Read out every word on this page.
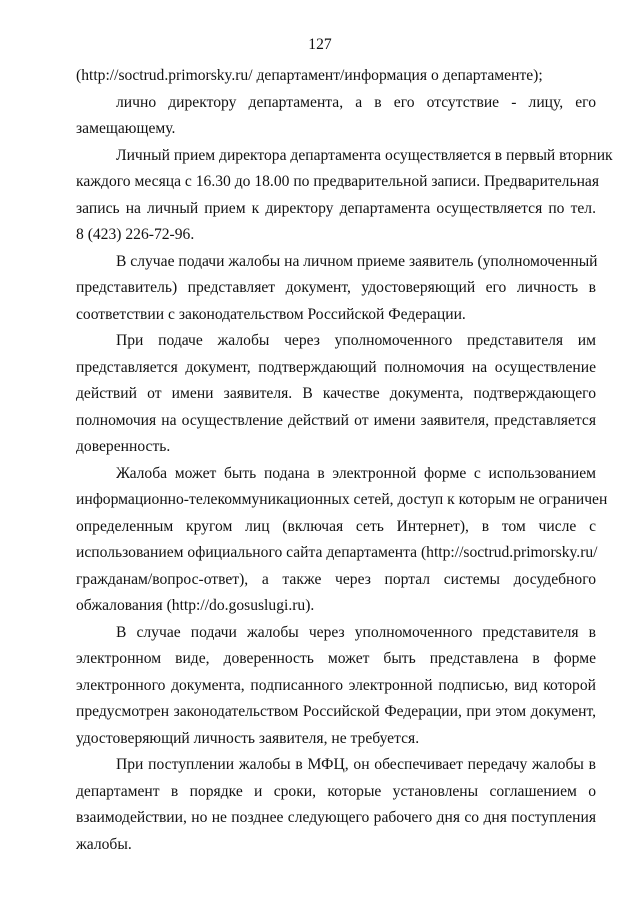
127
(http://soctrud.primorsky.ru/ департамент/информация о департаменте);
лично директору департамента, а в его отсутствие - лицу, его
замещающему.
Личный прием директора департамента осуществляется в первый вторник
каждого месяца с 16.30 до 18.00 по предварительной записи. Предварительная
запись на личный прием к директору департамента осуществляется по тел.
8 (423) 226-72-96.
В случае подачи жалобы на личном приеме заявитель (уполномоченный
представитель) представляет документ, удостоверяющий его личность в
соответствии с законодательством Российской Федерации.
При подаче жалобы через уполномоченного представителя им
представляется документ, подтверждающий полномочия на осуществление
действий от имени заявителя. В качестве документа, подтверждающего
полномочия на осуществление действий от имени заявителя, представляется
доверенность.
Жалоба может быть подана в электронной форме с использованием
информационно-телекоммуникационных сетей, доступ к которым не ограничен
определенным кругом лиц (включая сеть Интернет), в том числе с
использованием официального сайта департамента (http://soctrud.primorsky.ru/
гражданам/вопрос-ответ), а также через портал системы досудебного
обжалования (http://do.gosuslugi.ru).
В случае подачи жалобы через уполномоченного представителя в
электронном виде, доверенность может быть представлена в форме
электронного документа, подписанного электронной подписью, вид которой
предусмотрен законодательством Российской Федерации, при этом документ,
удостоверяющий личность заявителя, не требуется.
При поступлении жалобы в МФЦ, он обеспечивает передачу жалобы в
департамент в порядке и сроки, которые установлены соглашением о
взаимодействии, но не позднее следующего рабочего дня со дня поступления
жалобы.
